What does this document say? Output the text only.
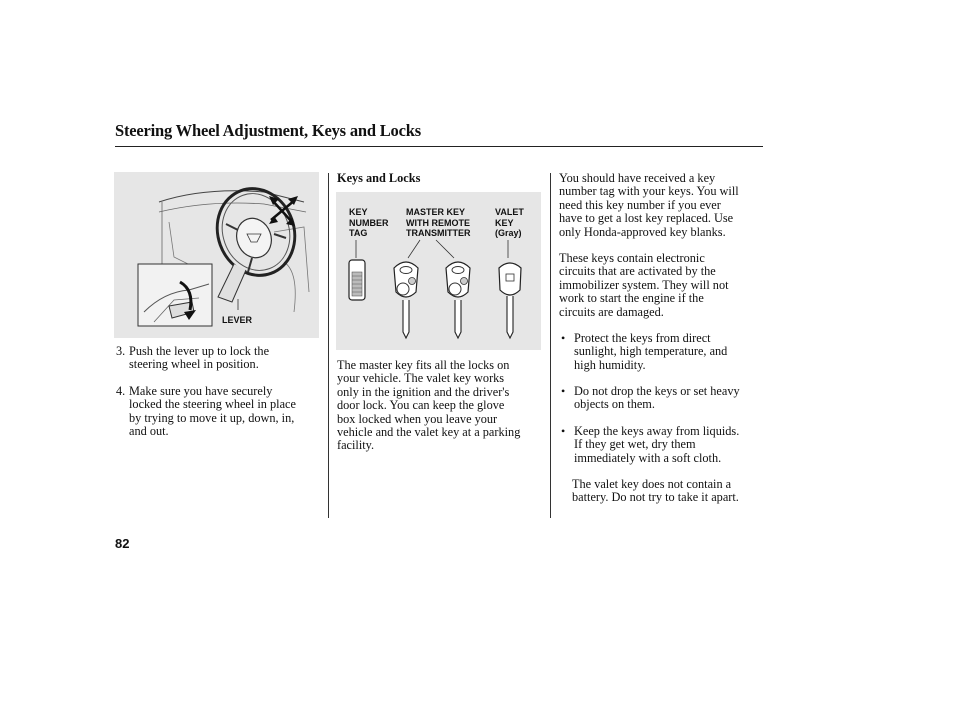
Steering Wheel Adjustment, Keys and Locks
LEVER
3. Push the lever up to lock the
steering wheel in position.
4. Make sure you have securely
locked the steering wheel in place
by trying to move it up, down, in,
and out.
Keys and Locks
KEY
NUMBER
TAG
MASTER KEY
WITH REMOTE
TRANSMITTER
VALET
KEY
(Gray)
The master key fits all the locks on
your vehicle. The valet key works
only in the ignition and the driver's
door lock. You can keep the glove
box locked when you leave your
vehicle and the valet key at a parking
facility.
You should have received a key
number tag with your keys. You will
need this key number if you ever
have to get a lost key replaced. Use
only Honda-approved key blanks.
These keys contain electronic
circuits that are activated by the
immobilizer system. They will not
work to start the engine if the
circuits are damaged.
• Protect the keys from direct
sunlight, high temperature, and
high humidity.
• Do not drop the keys or set heavy
objects on them.
• Keep the keys away from liquids.
If they get wet, dry them
immediately with a soft cloth.
The valet key does not contain a
battery. Do not try to take it apart.
82
